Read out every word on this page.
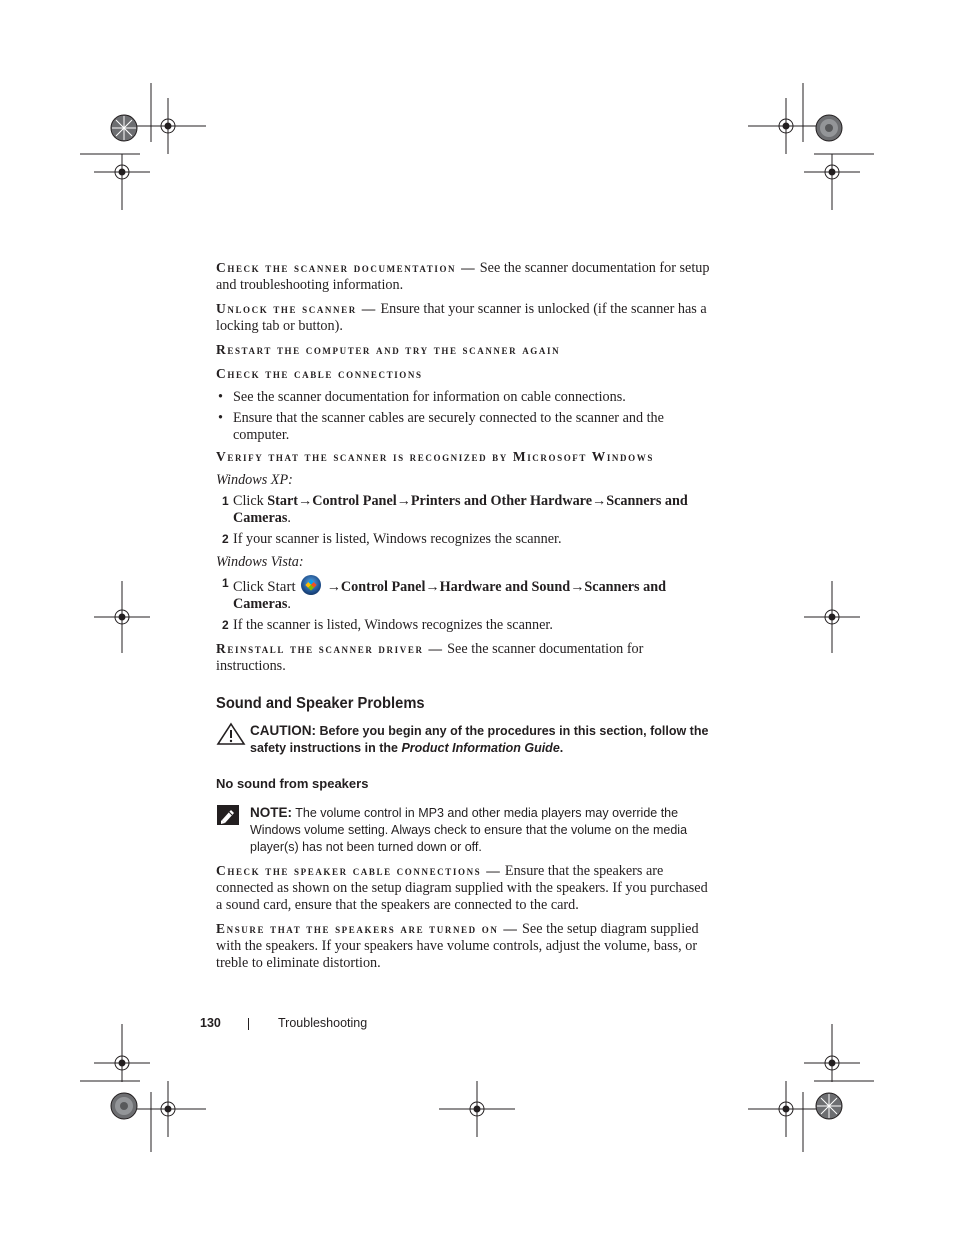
Check the scanner documentation — See the scanner documentation for setup and troubleshooting information.

Unlock the scanner — Ensure that your scanner is unlocked (if the scanner has a locking tab or button).

Restart the computer and try the scanner again

Check the cable connections

• See the scanner documentation for information on cable connections.
• Ensure that the scanner cables are securely connected to the scanner and the computer.

Verify that the scanner is recognized by Microsoft Windows

Windows XP:

1 Click Start→Control Panel→Printers and Other Hardware→Scanners and Cameras.
2 If your scanner is listed, Windows recognizes the scanner.

Windows Vista:

1 Click Start →Control Panel→Hardware and Sound→Scanners and Cameras.
2 If the scanner is listed, Windows recognizes the scanner.

Reinstall the scanner driver — See the scanner documentation for instructions.

Sound and Speaker Problems
CAUTION: Before you begin any of the procedures in this section, follow the safety instructions in the Product Information Guide.
No sound from speakers
NOTE: The volume control in MP3 and other media players may override the Windows volume setting. Always check to ensure that the volume on the media player(s) has not been turned down or off.

Check the speaker cable connections — Ensure that the speakers are connected as shown on the setup diagram supplied with the speakers. If you purchased a sound card, ensure that the speakers are connected to the card.

Ensure that the speakers are turned on — See the setup diagram supplied with the speakers. If your speakers have volume controls, adjust the volume, bass, or treble to eliminate distortion.

130	Troubleshooting
